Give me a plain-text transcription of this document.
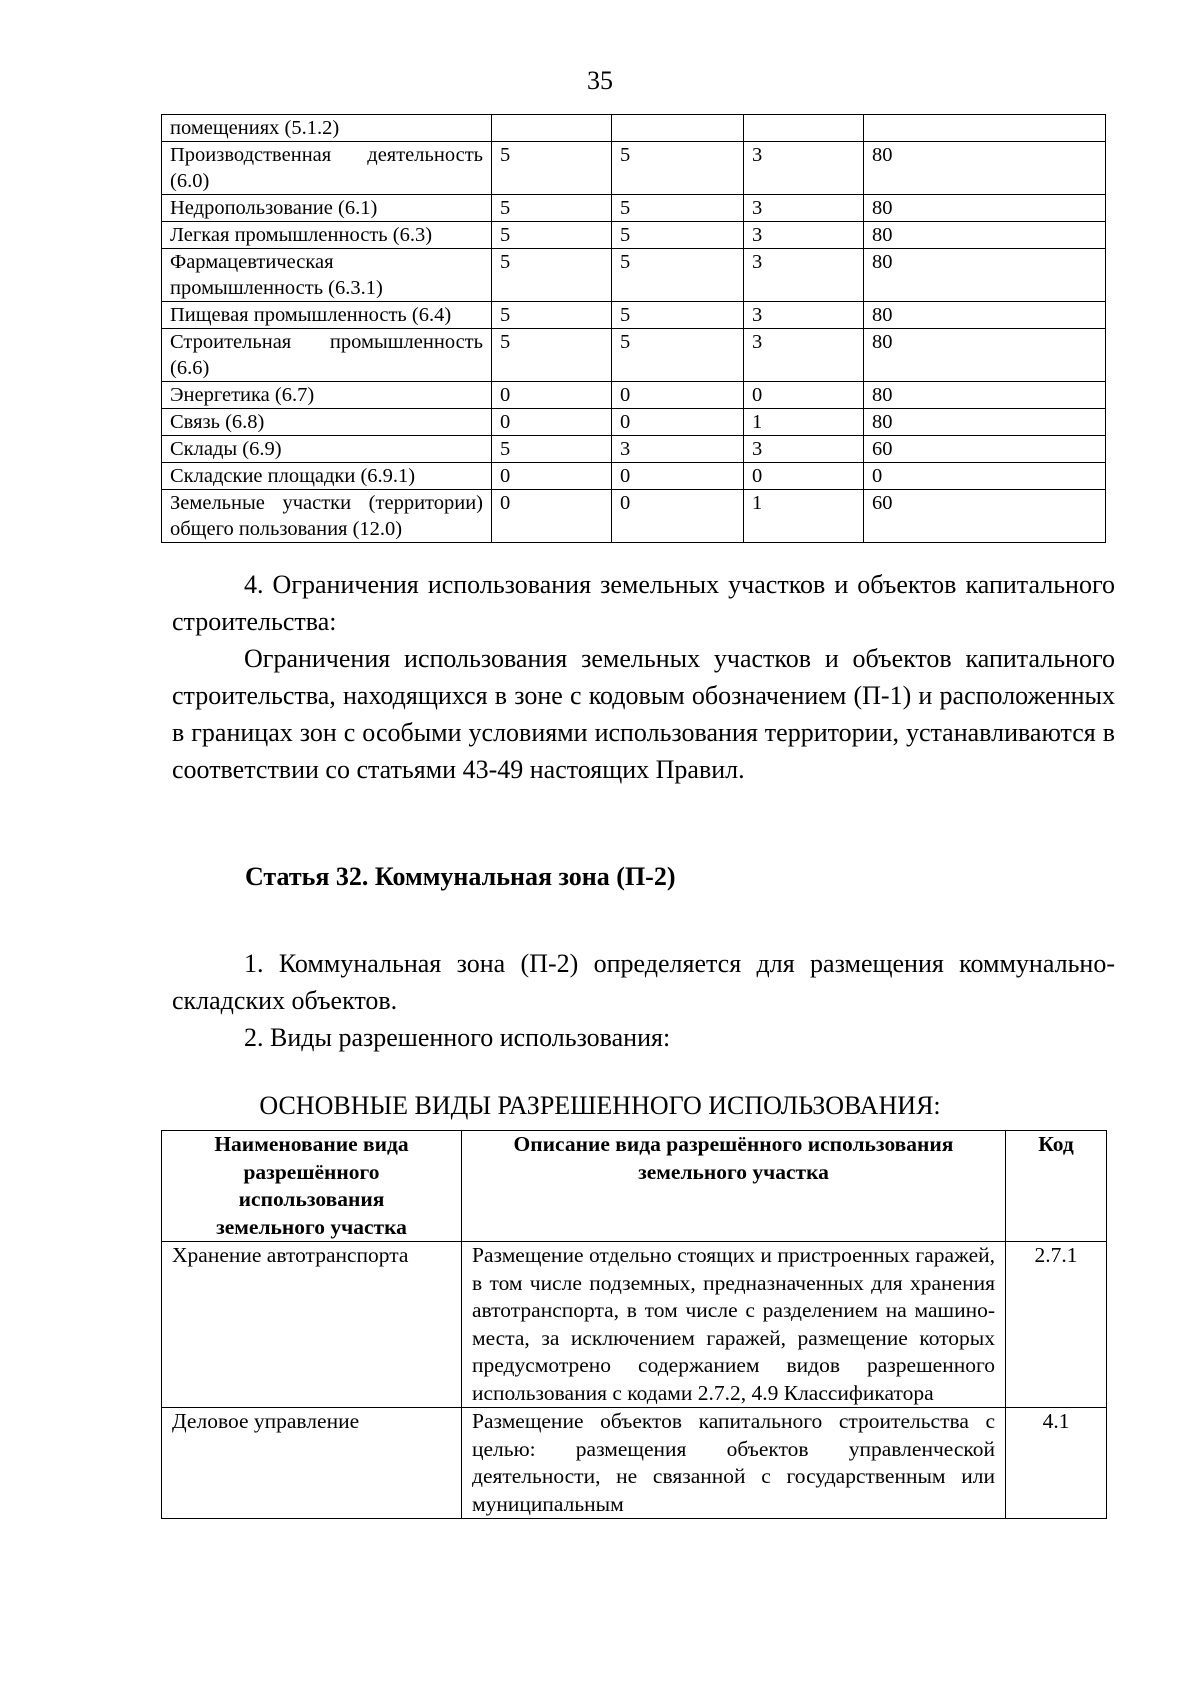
35
помещениях (5.1.2)				
Производственная деятельность (6.0)	5	5	3	80
Недропользование (6.1)	5	5	3	80
Легкая промышленность (6.3)	5	5	3	80
Фармацевтическая промышленность (6.3.1)	5	5	3	80
Пищевая промышленность (6.4)	5	5	3	80
Строительная промышленность (6.6)	5	5	3	80
Энергетика (6.7)	0	0	0	80
Связь (6.8)	0	0	1	80
Склады (6.9)	5	3	3	60
Складские площадки (6.9.1)	0	0	0	0
Земельные участки (территории) общего пользования (12.0)	0	0	1	60

4. Ограничения использования земельных участков и объектов капитального строительства:

Ограничения использования земельных участков и объектов капитального строительства, находящихся в зоне с кодовым обозначением (П-1) и расположенных в границах зон с особыми условиями использования территории, устанавливаются в соответствии со статьями 43-49 настоящих Правил.

Статья 32. Коммунальная зона (П-2)

1. Коммунальная зона (П-2) определяется для размещения коммунально-складских объектов.

2. Виды разрешенного использования:

ОСНОВНЫЕ ВИДЫ РАЗРЕШЕННОГО ИСПОЛЬЗОВАНИЯ:
Наименование вида разрешённого использования земельного участка	Описание вида разрешённого использования земельного участка	Код
Хранение автотранспорта	Размещение отдельно стоящих и пристроенных гаражей, в том числе подземных, предназначенных для хранения автотранспорта, в том числе с разделением на машино-места, за исключением гаражей, размещение которых предусмотрено содержанием видов разрешенного использования с кодами 2.7.2, 4.9 Классификатора	2.7.1
Деловое управление	Размещение объектов капитального строительства с целью: размещения объектов управленческой деятельности, не связанной с государственным или муниципальным	4.1
